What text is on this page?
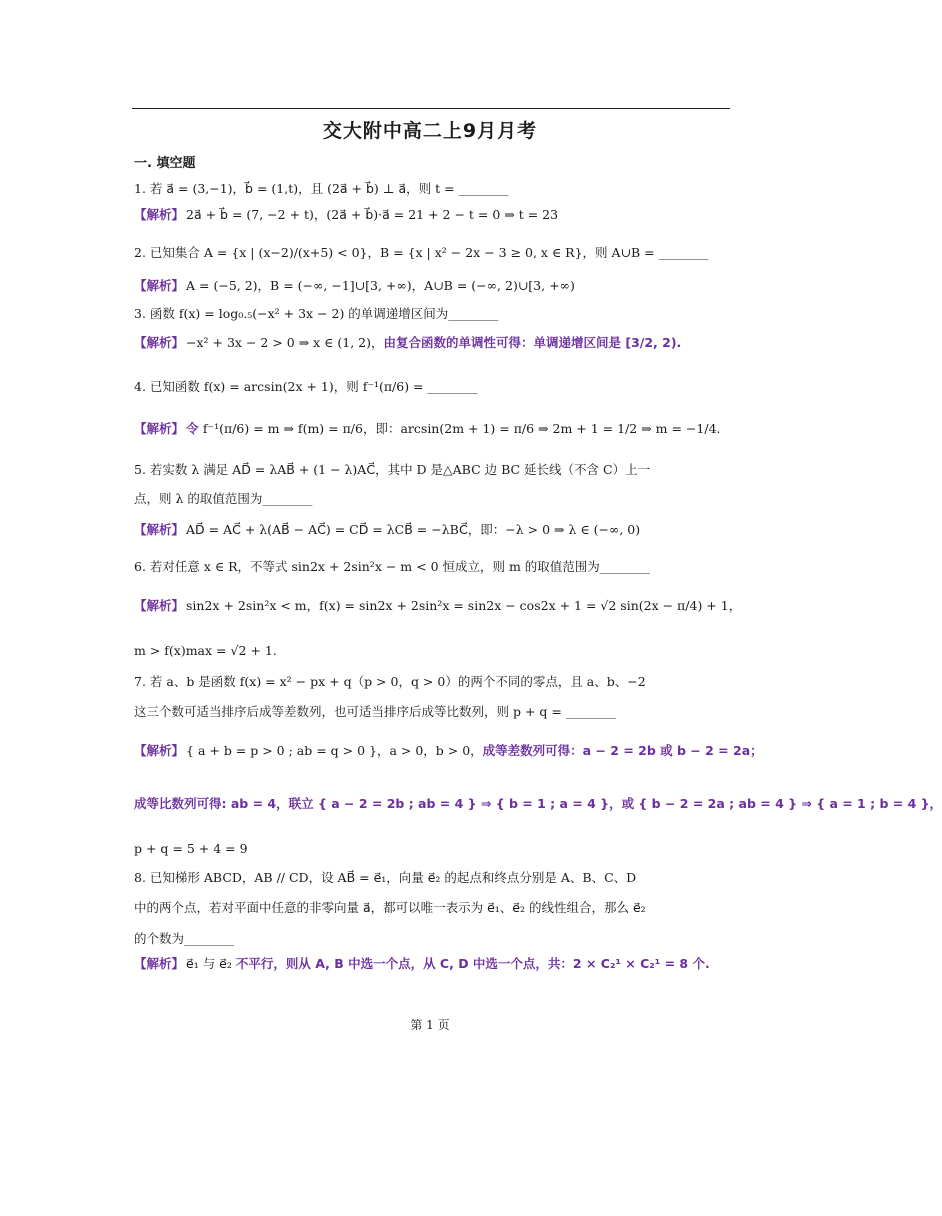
交大附中高二上9月月考
一. 填空题
1. 若 a⃗ = (3,−1)，b⃗ = (1,t)，且 (2a⃗ + b⃗) ⊥ a⃗，则 t = ________
【解析】 2a⃗ + b⃗ = (7, −2 + t)，(2a⃗ + b⃗)·a⃗ = 21 + 2 − t = 0 ⇒ t = 23
2. 已知集合 A = {x | (x−2)/(x+5) < 0}，B = {x | x² − 2x − 3 ≥ 0, x ∈ R}，则 A∪B = ________
【解析】 A = (−5, 2)，B = (−∞, −1]∪[3, +∞)，A∪B = (−∞, 2)∪[3, +∞)
3. 函数 f(x) = log₀.₅(−x² + 3x − 2) 的单调递增区间为________
【解析】 −x² + 3x − 2 > 0 ⇒ x ∈ (1, 2)，由复合函数的单调性可得：单调递增区间是 [3/2, 2).
4. 已知函数 f(x) = arcsin(2x + 1)，则 f⁻¹(π/6) = ________
【解析】 令 f⁻¹(π/6) = m ⇒ f(m) = π/6，即：arcsin(2m + 1) = π/6 ⇒ 2m + 1 = 1/2 ⇒ m = −1/4.
5. 若实数 λ 满足 AD⃗ = λAB⃗ + (1 − λ)AC⃗，其中 D 是△ABC 边 BC 延长线（不含 C）上一
点，则 λ 的取值范围为________
【解析】 AD⃗ = AC⃗ + λ(AB⃗ − AC⃗) = CD⃗ = λCB⃗ = −λBC⃗，即：−λ > 0 ⇒ λ ∈ (−∞, 0)
6. 若对任意 x ∈ R，不等式 sin2x + 2sin²x − m < 0 恒成立，则 m 的取值范围为________
【解析】 sin2x + 2sin²x < m，f(x) = sin2x + 2sin²x = sin2x − cos2x + 1 = √2 sin(2x − π/4) + 1，
m > f(x)max = √2 + 1.
7. 若 a、b 是函数 f(x) = x² − px + q（p > 0，q > 0）的两个不同的零点，且 a、b、−2
这三个数可适当排序后成等差数列，也可适当排序后成等比数列，则 p + q = ________
【解析】 { a + b = p > 0 ; ab = q > 0 }，a > 0，b > 0，成等差数列可得：a − 2 = 2b 或 b − 2 = 2a；
成等比数列可得: ab = 4，联立 { a − 2 = 2b ; ab = 4 } ⇒ { b = 1 ; a = 4 }，或 { b − 2 = 2a ; ab = 4 } ⇒ { a = 1 ; b = 4 }，
p + q = 5 + 4 = 9
8. 已知梯形 ABCD，AB // CD，设 AB⃗ = e⃗₁，向量 e⃗₂ 的起点和终点分别是 A、B、C、D
中的两个点，若对平面中任意的非零向量 a⃗，都可以唯一表示为 e⃗₁、e⃗₂ 的线性组合，那么 e⃗₂
的个数为________
【解析】 e⃗₁ 与 e⃗₂ 不平行，则从 A, B 中选一个点，从 C, D 中选一个点，共：2 × C₂¹ × C₂¹ = 8 个.
第 1 页
